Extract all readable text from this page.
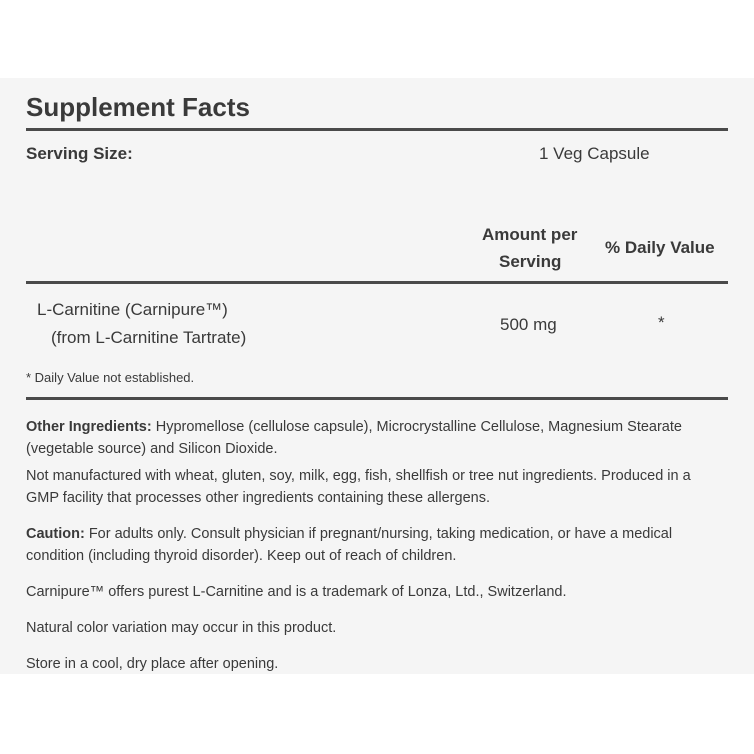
Supplement Facts
Serving Size:	1 Veg Capsule
Amount per
Serving
% Daily Value
L-Carnitine (Carnipure™)
(from L-Carnitine Tartrate)
500 mg	*
* Daily Value not established.
Other Ingredients: Hypromellose (cellulose capsule), Microcrystalline Cellulose, Magnesium Stearate (vegetable source) and Silicon Dioxide.
Not manufactured with wheat, gluten, soy, milk, egg, fish, shellfish or tree nut ingredients. Produced in a GMP facility that processes other ingredients containing these allergens.
Caution: For adults only. Consult physician if pregnant/nursing, taking medication, or have a medical condition (including thyroid disorder). Keep out of reach of children.
Carnipure™ offers purest L-Carnitine and is a trademark of Lonza, Ltd., Switzerland.
Natural color variation may occur in this product.
Store in a cool, dry place after opening.
